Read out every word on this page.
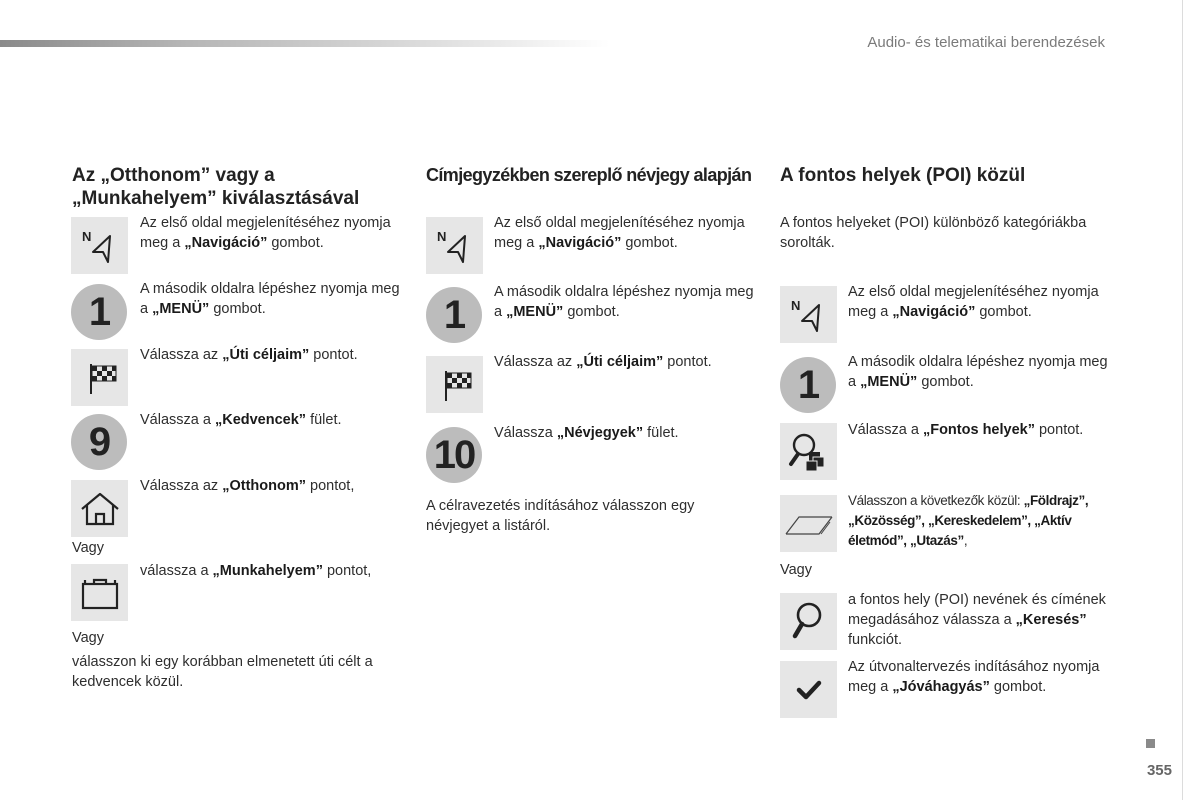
Audio- és telematikai berendezések
Az „Otthonom” vagy a
„Munkahelyem” kiválasztásával
N
Az első oldal megjelenítéséhez nyomja meg a „Navigáció” gombot.
1
A második oldalra lépéshez nyomja meg a „MENÜ” gombot.
Válassza az „Úti céljaim” pontot.
9	Válassza a „Kedvencek” fület.
Válassza az „Otthonom” pontot,
Vagy
válassza a „Munkahelyem” pontot,
Vagy
válasszon ki egy korábban elmenetett úti célt a kedvencek közül.
Címjegyzékben szereplő névjegy alapján
N
Az első oldal megjelenítéséhez nyomja meg a „Navigáció” gombot.
1
A második oldalra lépéshez nyomja meg a „MENÜ” gombot.
Válassza az „Úti céljaim” pontot.
10	Válassza „Névjegyek” fület.
A célravezetés indításához válasszon egy névjegyet a listáról.
A fontos helyek (POI) közül
A fontos helyeket (POI) különböző kategóriákba sorolták.
N
Az első oldal megjelenítéséhez nyomja meg a „Navigáció” gombot.
1
A második oldalra lépéshez nyomja meg a „MENÜ” gombot.
Válassza a „Fontos helyek” pontot.
Válasszon a következők közül: „Földrajz”, „Közösség”, „Kereskedelem”, „Aktív életmód”, „Utazás”,
Vagy
a fontos hely (POI) nevének és címének megadásához válassza a „Keresés” funkciót.
Az útvonaltervezés indításához nyomja meg a „Jóváhagyás” gombot.
355
